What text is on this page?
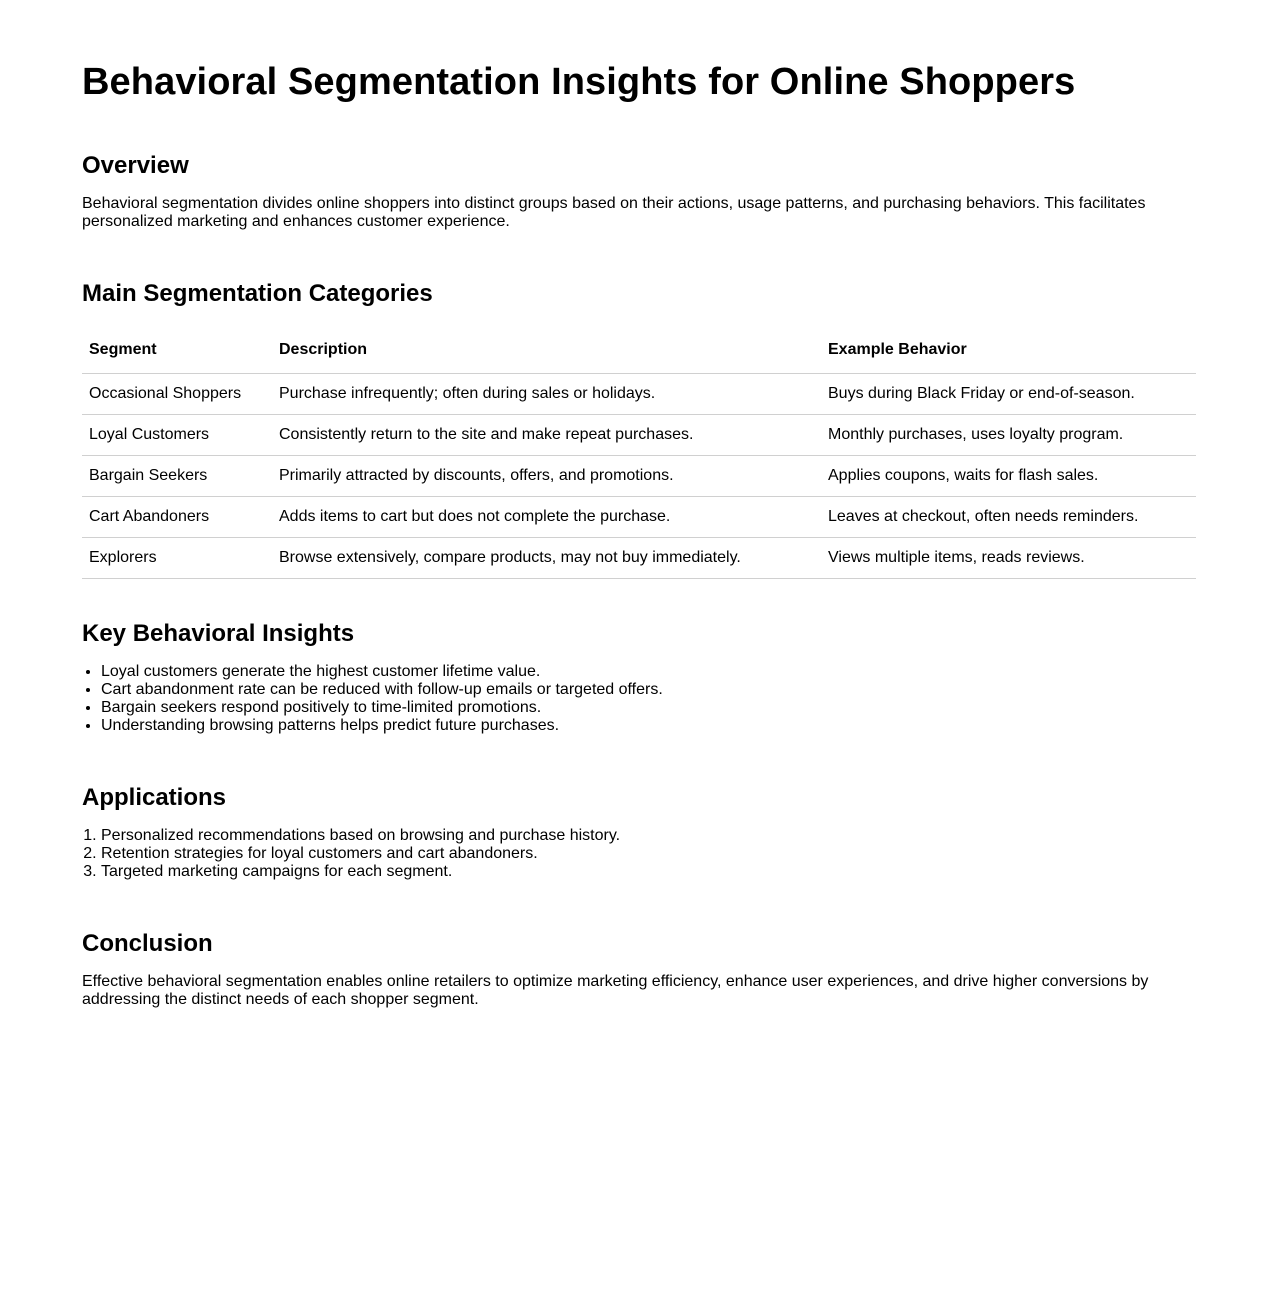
Behavioral Segmentation Insights for Online Shoppers
Overview

Behavioral segmentation divides online shoppers into distinct groups based on their actions, usage patterns, and purchasing behaviors. This facilitates personalized marketing and enhances customer experience.

Main Segmentation Categories
Segment	Description	Example Behavior
Occasional Shoppers	Purchase infrequently; often during sales or holidays.	Buys during Black Friday or end-of-season.
Loyal Customers	Consistently return to the site and make repeat purchases.	Monthly purchases, uses loyalty program.
Bargain Seekers	Primarily attracted by discounts, offers, and promotions.	Applies coupons, waits for flash sales.
Cart Abandoners	Adds items to cart but does not complete the purchase.	Leaves at checkout, often needs reminders.
Explorers	Browse extensively, compare products, may not buy immediately.	Views multiple items, reads reviews.
Key Behavioral Insights
• Loyal customers generate the highest customer lifetime value.
• Cart abandonment rate can be reduced with follow-up emails or targeted offers.
• Bargain seekers respond positively to time-limited promotions.
• Understanding browsing patterns helps predict future purchases.
Applications
1. Personalized recommendations based on browsing and purchase history.
2. Retention strategies for loyal customers and cart abandoners.
3. Targeted marketing campaigns for each segment.
Conclusion

Effective behavioral segmentation enables online retailers to optimize marketing efficiency, enhance user experiences, and drive higher conversions by addressing the distinct needs of each shopper segment.
